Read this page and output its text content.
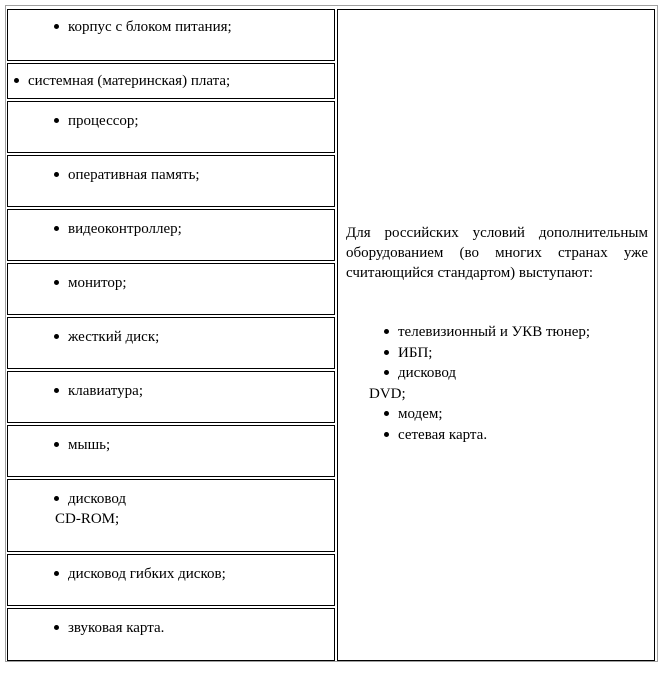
корпус с блоком питания;
системная (материнская) плата;
процессор;
оперативная память;
видеоконтроллер;
монитор;
жесткий диск;
клавиатура;
мышь;
дисковод
CD-ROM;
дисковод гибких дисков;
звуковая карта.
Для российских условий дополнительным оборудованием (во многих странах уже считающийся стандартом) выступают:
телевизионный и УКВ тюнер;
ИБП;
дисковод
DVD;
модем;
сетевая карта.
